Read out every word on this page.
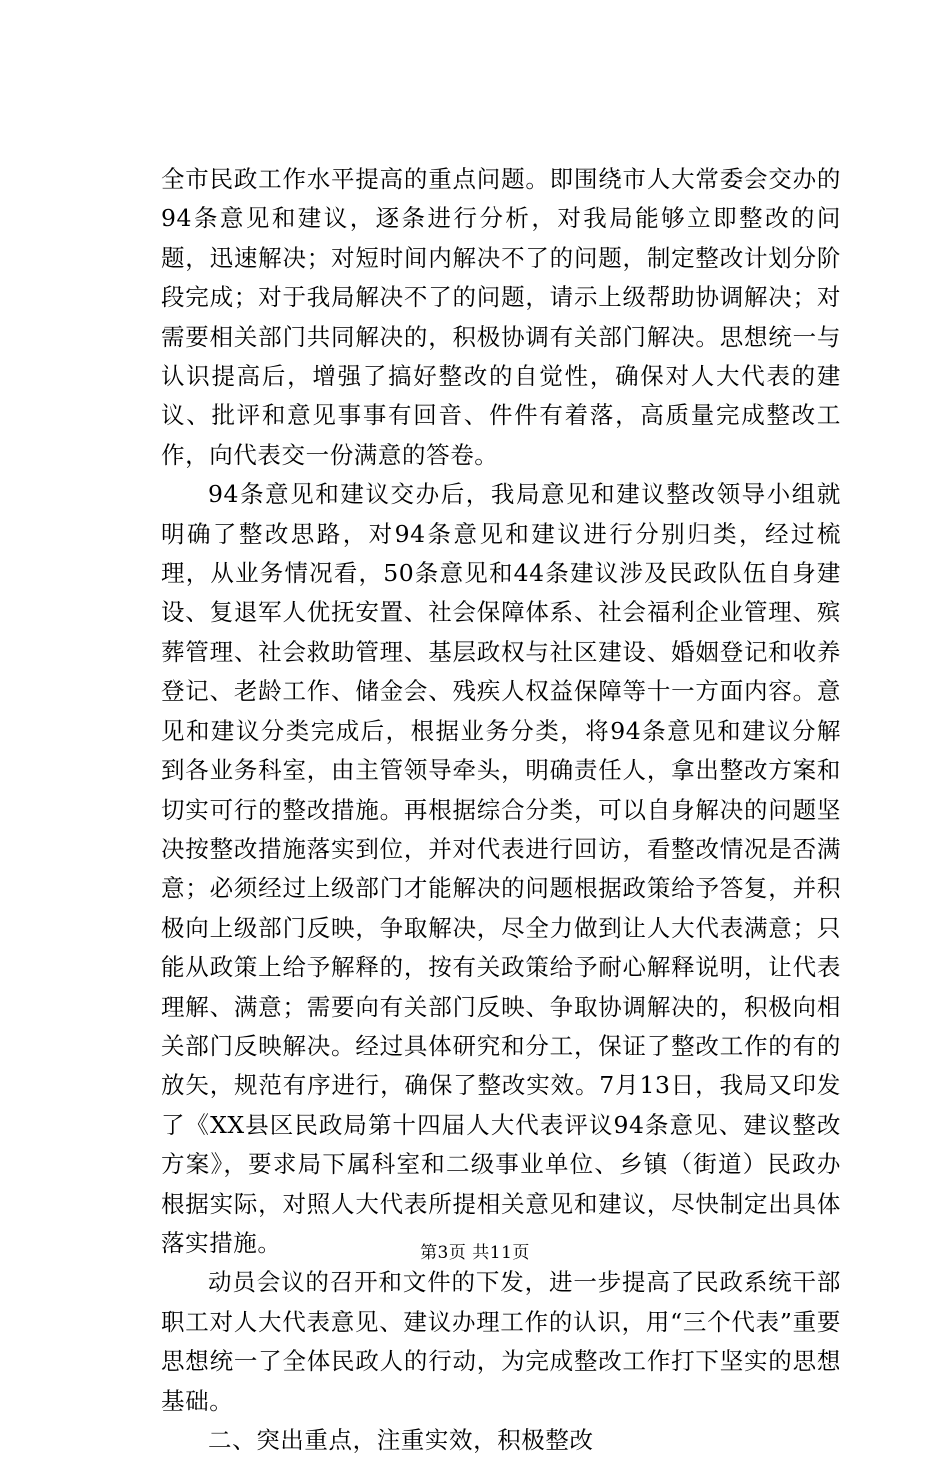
全市民政工作水平提高的重点问题。即围绕市人大常委会交办的94条意见和建议，逐条进行分析，对我局能够立即整改的问题，迅速解决；对短时间内解决不了的问题，制定整改计划分阶段完成；对于我局解决不了的问题，请示上级帮助协调解决；对需要相关部门共同解决的，积极协调有关部门解决。思想统一与认识提高后，增强了搞好整改的自觉性，确保对人大代表的建议、批评和意见事事有回音、件件有着落，高质量完成整改工作，向代表交一份满意的答卷。

94条意见和建议交办后，我局意见和建议整改领导小组就明确了整改思路，对94条意见和建议进行分别归类，经过梳理，从业务情况看，50条意见和44条建议涉及民政队伍自身建设、复退军人优抚安置、社会保障体系、社会福利企业管理、殡葬管理、社会救助管理、基层政权与社区建设、婚姻登记和收养登记、老龄工作、储金会、残疾人权益保障等十一方面内容。意见和建议分类完成后，根据业务分类，将94条意见和建议分解到各业务科室，由主管领导牵头，明确责任人，拿出整改方案和切实可行的整改措施。再根据综合分类，可以自身解决的问题坚决按整改措施落实到位，并对代表进行回访，看整改情况是否满意；必须经过上级部门才能解决的问题根据政策给予答复，并积极向上级部门反映，争取解决，尽全力做到让人大代表满意；只能从政策上给予解释的，按有关政策给予耐心解释说明，让代表理解、满意；需要向有关部门反映、争取协调解决的，积极向相关部门反映解决。经过具体研究和分工，保证了整改工作的有的放矢，规范有序进行，确保了整改实效。7月13日，我局又印发了《XX县区民政局第十四届人大代表评议94条意见、建议整改方案》，要求局下属科室和二级事业单位、乡镇（街道）民政办根据实际，对照人大代表所提相关意见和建议，尽快制定出具体落实措施。

动员会议的召开和文件的下发，进一步提高了民政系统干部职工对人大代表意见、建议办理工作的认识，用“三个代表”重要思想统一了全体民政人的行动，为完成整改工作打下坚实的思想基础。

二、突出重点，注重实效，积极整改

第3页 共11页
